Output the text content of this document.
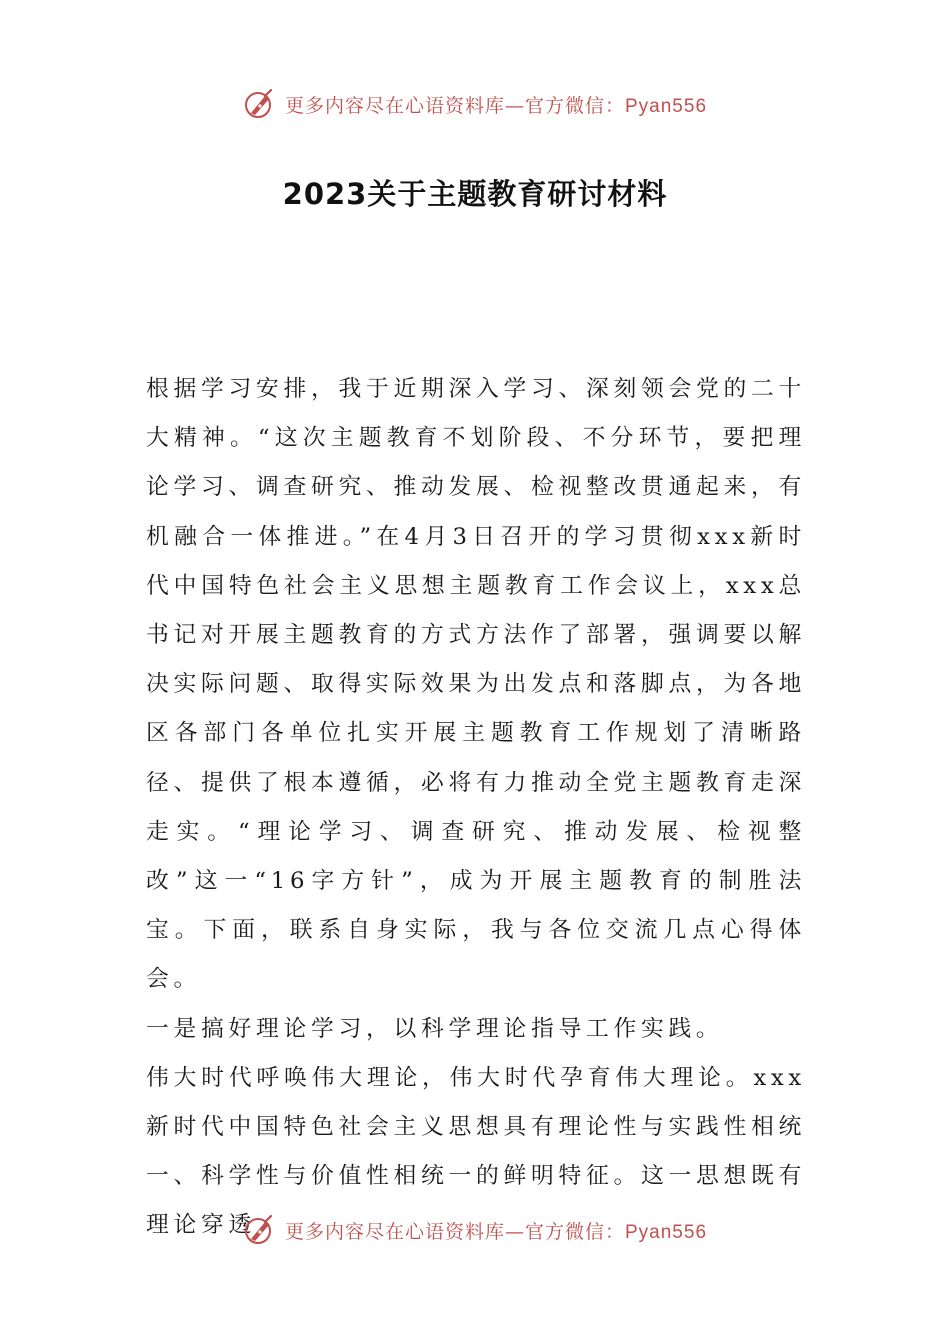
更多内容尽在心语资料库—官方微信：Pyan556
2023关于主题教育研讨材料

根据学习安排，我于近期深入学习、深刻领会党的二十大精神。“这次主题教育不划阶段、不分环节，要把理论学习、调查研究、推动发展、检视整改贯通起来，有机融合一体推进。”在4月3日召开的学习贯彻xxx新时代中国特色社会主义思想主题教育工作会议上，xxx总书记对开展主题教育的方式方法作了部署，强调要以解决实际问题、取得实际效果为出发点和落脚点，为各地区各部门各单位扎实开展主题教育工作规划了清晰路径、提供了根本遵循，必将有力推动全党主题教育走深走实。“理论学习、调查研究、推动发展、检视整改”这一“16字方针”，成为开展主题教育的制胜法宝。下面，联系自身实际，我与各位交流几点心得体会。

一是搞好理论学习，以科学理论指导工作实践。

伟大时代呼唤伟大理论，伟大时代孕育伟大理论。xxx新时代中国特色社会主义思想具有理论性与实践性相统一、科学性与价值性相统一的鲜明特征。这一思想既有理论穿透	更多内容尽在心语资料库—官方微信：Pyan556
